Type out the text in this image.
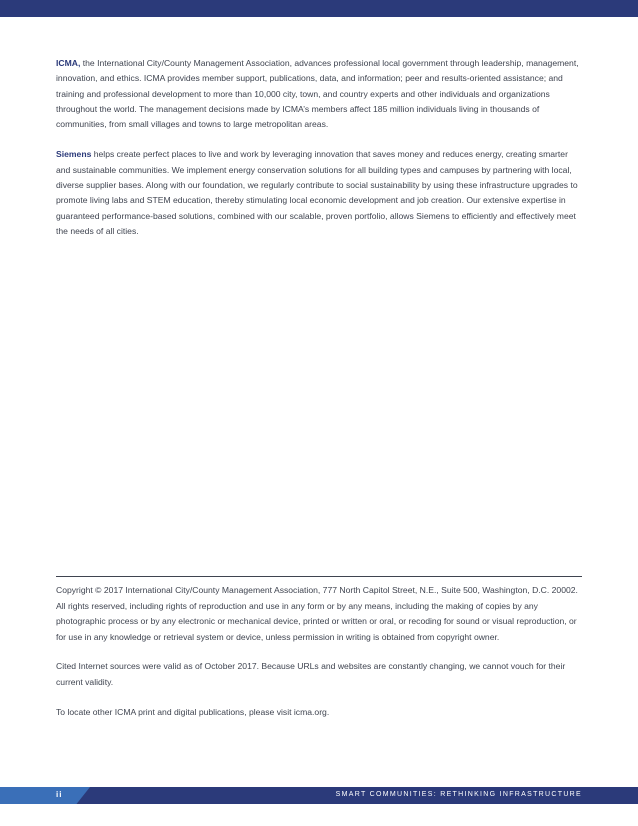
ICMA, the International City/County Management Association, advances professional local government through leadership, management, innovation, and ethics. ICMA provides member support, publications, data, and information; peer and results-oriented assistance; and training and professional development to more than 10,000 city, town, and country experts and other individuals and organizations throughout the world. The management decisions made by ICMA’s members affect 185 million individuals living in thousands of communities, from small villages and towns to large metropolitan areas.

Siemens helps create perfect places to live and work by leveraging innovation that saves money and reduces energy, creating smarter and sustainable communities. We implement energy conservation solutions for all building types and campuses by partnering with local, diverse supplier bases. Along with our foundation, we regularly contribute to social sustainability by using these infrastructure upgrades to promote living labs and STEM education, thereby stimulating local economic development and job creation. Our extensive expertise in guaranteed performance-based solutions, combined with our scalable, proven portfolio, allows Siemens to efficiently and effectively meet the needs of all cities.

Copyright © 2017 International City/County Management Association, 777 North Capitol Street, N.E., Suite 500, Washington, D.C. 20002. All rights reserved, including rights of reproduction and use in any form or by any means, including the making of copies by any photographic process or by any electronic or mechanical device, printed or written or oral, or recoding for sound or visual reproduction, or for use in any knowledge or retrieval system or device, unless permission in writing is obtained from copyright owner.

Cited Internet sources were valid as of October 2017. Because URLs and websites are constantly changing, we cannot vouch for their current validity.

To locate other ICMA print and digital publications, please visit icma.org.

ii	SMART COMMUNITIES: RETHINKING INFRASTRUCTURE
